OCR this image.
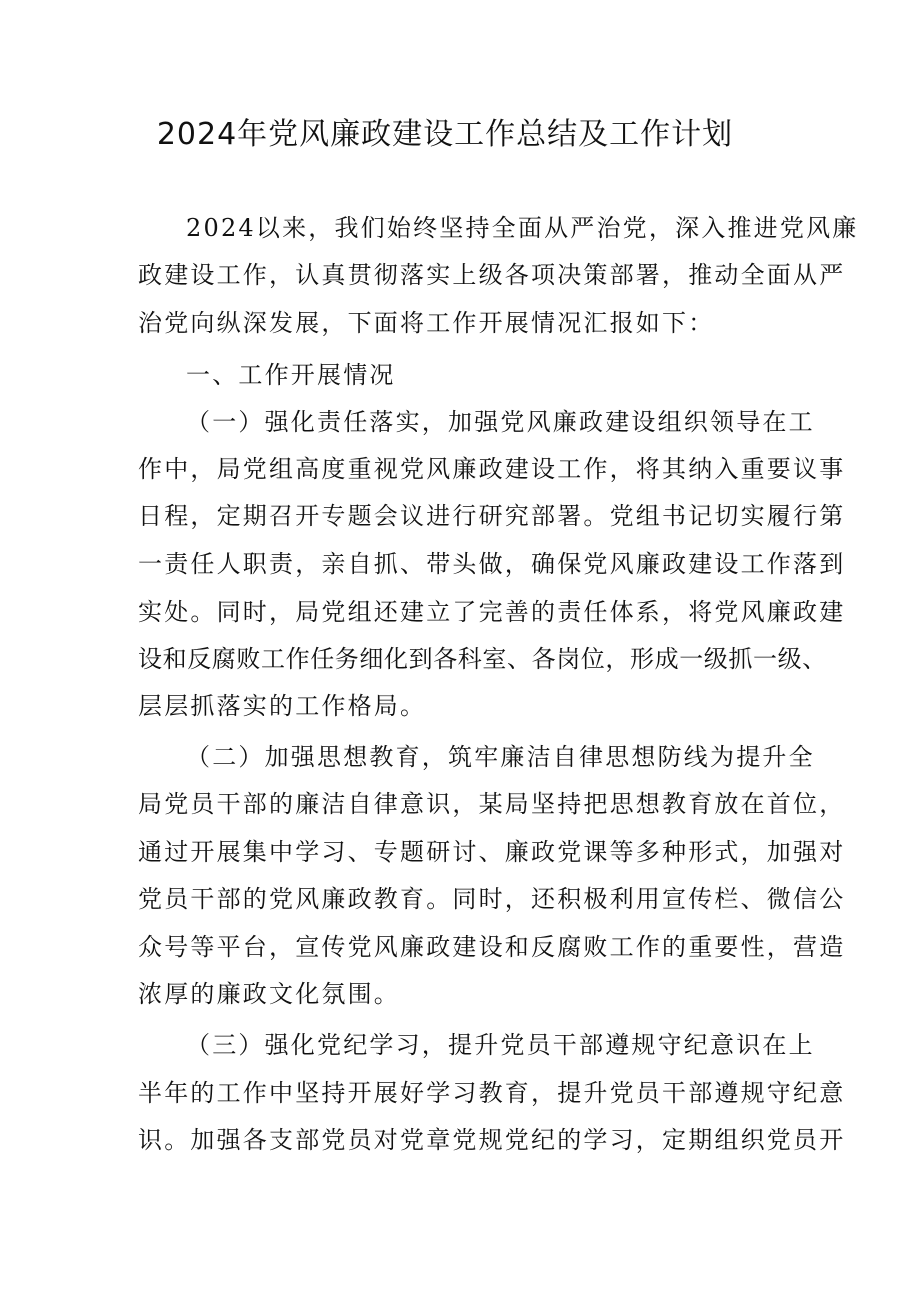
2024年党风廉政建设工作总结及工作计划
2024以来，我们始终坚持全面从严治党，深入推进党风廉
政建设工作，认真贯彻落实上级各项决策部署，推动全面从严
治党向纵深发展，下面将工作开展情况汇报如下：
一、工作开展情况
（一）强化责任落实，加强党风廉政建设组织领导在工
作中，局党组高度重视党风廉政建设工作，将其纳入重要议事
日程，定期召开专题会议进行研究部署。党组书记切实履行第
一责任人职责，亲自抓、带头做，确保党风廉政建设工作落到
实处。同时，局党组还建立了完善的责任体系，将党风廉政建
设和反腐败工作任务细化到各科室、各岗位，形成一级抓一级、
层层抓落实的工作格局。
（二）加强思想教育，筑牢廉洁自律思想防线为提升全
局党员干部的廉洁自律意识，某局坚持把思想教育放在首位，
通过开展集中学习、专题研讨、廉政党课等多种形式，加强对
党员干部的党风廉政教育。同时，还积极利用宣传栏、微信公
众号等平台，宣传党风廉政建设和反腐败工作的重要性，营造
浓厚的廉政文化氛围。
（三）强化党纪学习，提升党员干部遵规守纪意识在上
半年的工作中坚持开展好学习教育，提升党员干部遵规守纪意
识。加强各支部党员对党章党规党纪的学习，定期组织党员开
